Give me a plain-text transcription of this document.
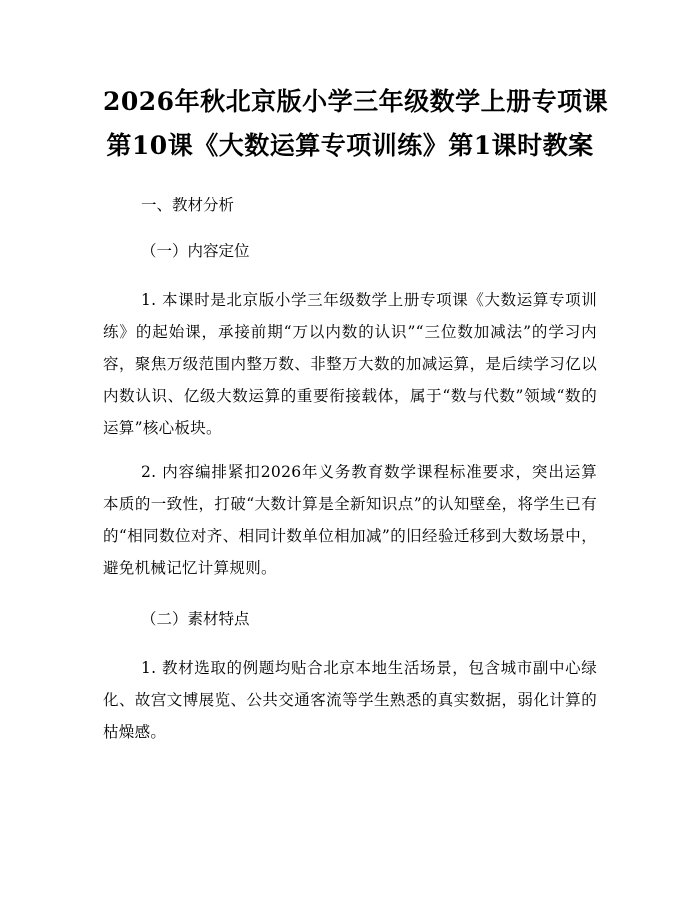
2026年秋北京版小学三年级数学上册专项课
第10课《大数运算专项训练》第1课时教案
一、教材分析
（一）内容定位

1. 本课时是北京版小学三年级数学上册专项课《大数运算专项训练》的起始课，承接前期“万以内数的认识”“三位数加减法”的学习内容，聚焦万级范围内整万数、非整万大数的加减运算，是后续学习亿以内数认识、亿级大数运算的重要衔接载体，属于“数与代数”领域“数的运算”核心板块。

2. 内容编排紧扣2026年义务教育数学课程标准要求，突出运算本质的一致性，打破“大数计算是全新知识点”的认知壁垒，将学生已有的“相同数位对齐、相同计数单位相加减”的旧经验迁移到大数场景中，避免机械记忆计算规则。

（二）素材特点

1. 教材选取的例题均贴合北京本地生活场景，包含城市副中心绿化、故宫文博展览、公共交通客流等学生熟悉的真实数据，弱化计算的枯燥感。
